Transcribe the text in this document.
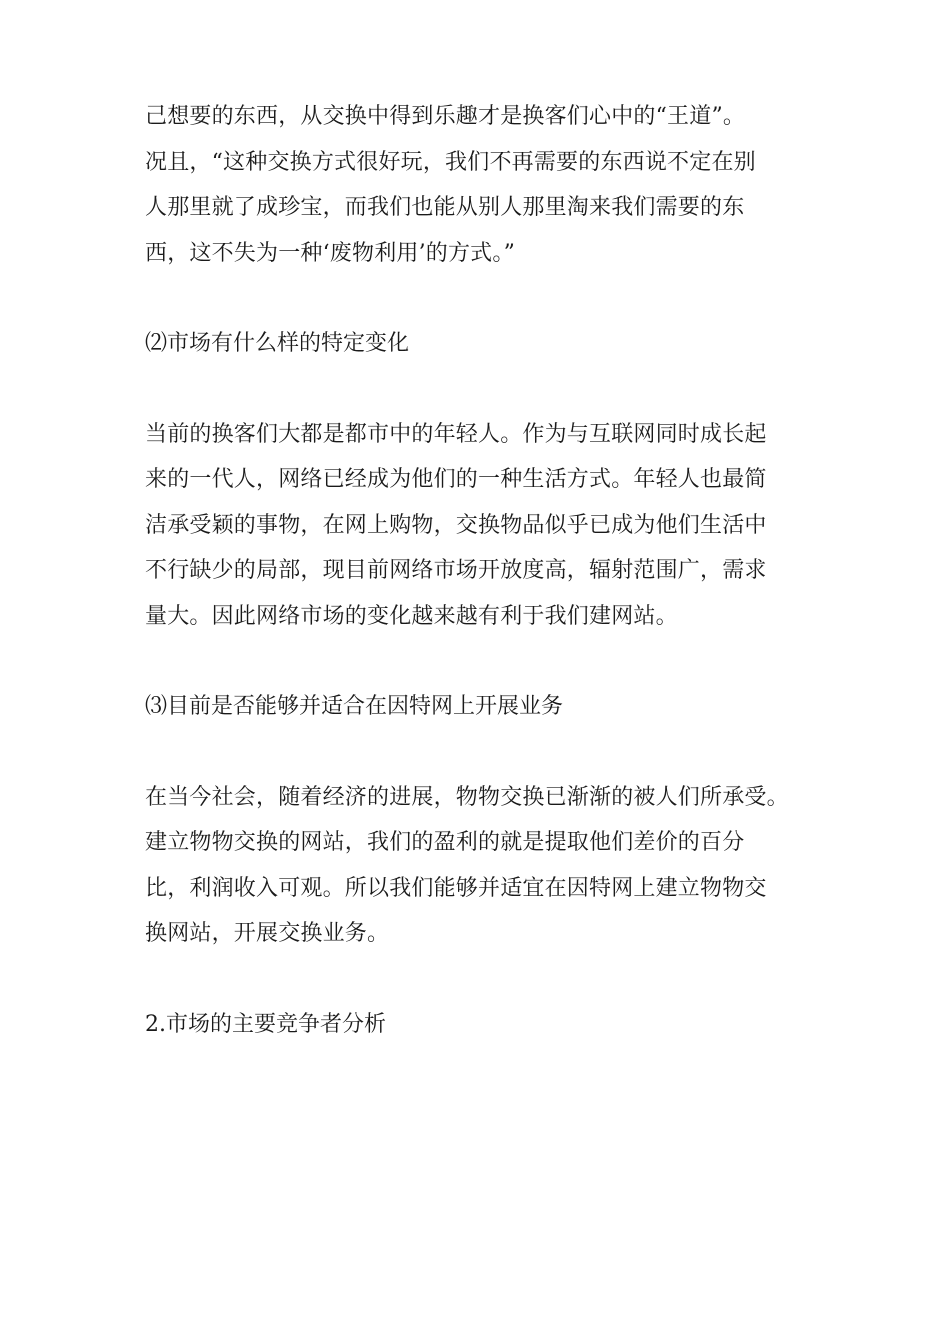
己想要的东西，从交换中得到乐趣才是换客们心中的“王道”。
况且，“这种交换方式很好玩，我们不再需要的东西说不定在别
人那里就了成珍宝，而我们也能从别人那里淘来我们需要的东
西，这不失为一种‘废物利用’的方式。”

⑵市场有什么样的特定变化

当前的换客们大都是都市中的年轻人。作为与互联网同时成长起
来的一代人，网络已经成为他们的一种生活方式。年轻人也最简
洁承受颖的事物，在网上购物，交换物品似乎已成为他们生活中
不行缺少的局部，现目前网络市场开放度高，辐射范围广，需求
量大。因此网络市场的变化越来越有利于我们建网站。

⑶目前是否能够并适合在因特网上开展业务

在当今社会，随着经济的进展，物物交换已渐渐的被人们所承受。
建立物物交换的网站，我们的盈利的就是提取他们差价的百分
比，利润收入可观。所以我们能够并适宜在因特网上建立物物交
换网站，开展交换业务。

2.市场的主要竞争者分析
